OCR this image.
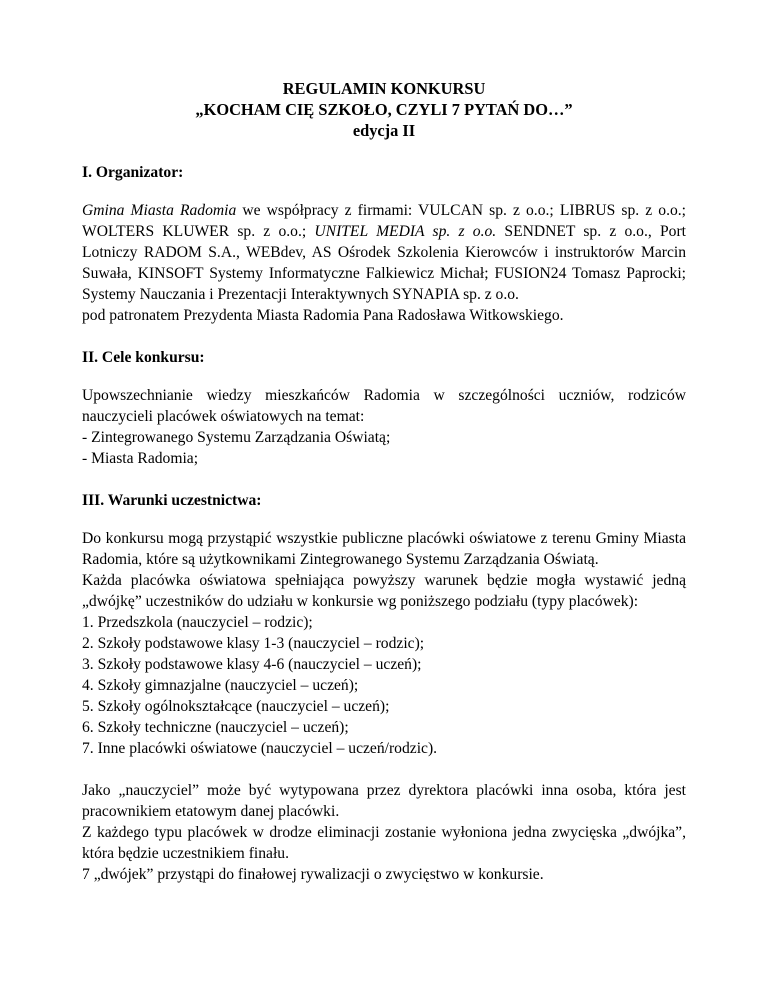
REGULAMIN KONKURSU
„KOCHAM CIĘ SZKOŁO, CZYLI 7 PYTAŃ DO…”
edycja II

I. Organizator:

Gmina Miasta Radomia we współpracy z firmami: VULCAN sp. z o.o.; LIBRUS sp. z o.o.;
WOLTERS KLUWER sp. z o.o.; UNITEL MEDIA sp. z o.o. SENDNET sp. z o.o., Port
Lotniczy RADOM S.A., WEBdev, AS Ośrodek Szkolenia Kierowców i instruktorów Marcin
Suwała, KINSOFT Systemy Informatyczne Falkiewicz Michał; FUSION24 Tomasz Paprocki;
Systemy Nauczania i Prezentacji Interaktywnych SYNAPIA sp. z o.o.
pod patronatem Prezydenta Miasta Radomia Pana Radosława Witkowskiego.

II. Cele konkursu:

Upowszechnianie wiedzy mieszkańców Radomia w szczególności uczniów, rodziców
nauczycieli placówek oświatowych na temat:
- Zintegrowanego Systemu Zarządzania Oświatą;
- Miasta Radomia;

III. Warunki uczestnictwa:

Do konkursu mogą przystąpić wszystkie publiczne placówki oświatowe z terenu Gminy Miasta
Radomia, które są użytkownikami Zintegrowanego Systemu Zarządzania Oświatą.
Każda placówka oświatowa spełniająca powyższy warunek będzie mogła wystawić jedną
„dwójkę” uczestników do udziału w konkursie wg poniższego podziału (typy placówek):
1. Przedszkola (nauczyciel – rodzic);
2. Szkoły podstawowe klasy 1-3 (nauczyciel – rodzic);
3. Szkoły podstawowe klasy 4-6 (nauczyciel – uczeń);
4. Szkoły gimnazjalne (nauczyciel – uczeń);
5. Szkoły ogólnokształcące (nauczyciel – uczeń);
6. Szkoły techniczne (nauczyciel – uczeń);
7. Inne placówki oświatowe (nauczyciel – uczeń/rodzic).
Jako „nauczyciel” może być wytypowana przez dyrektora placówki inna osoba, która jest
pracownikiem etatowym danej placówki.
Z każdego typu placówek w drodze eliminacji zostanie wyłoniona jedna zwycięska „dwójka”,
która będzie uczestnikiem finału.
7 „dwójek” przystąpi do finałowej rywalizacji o zwycięstwo w konkursie.
